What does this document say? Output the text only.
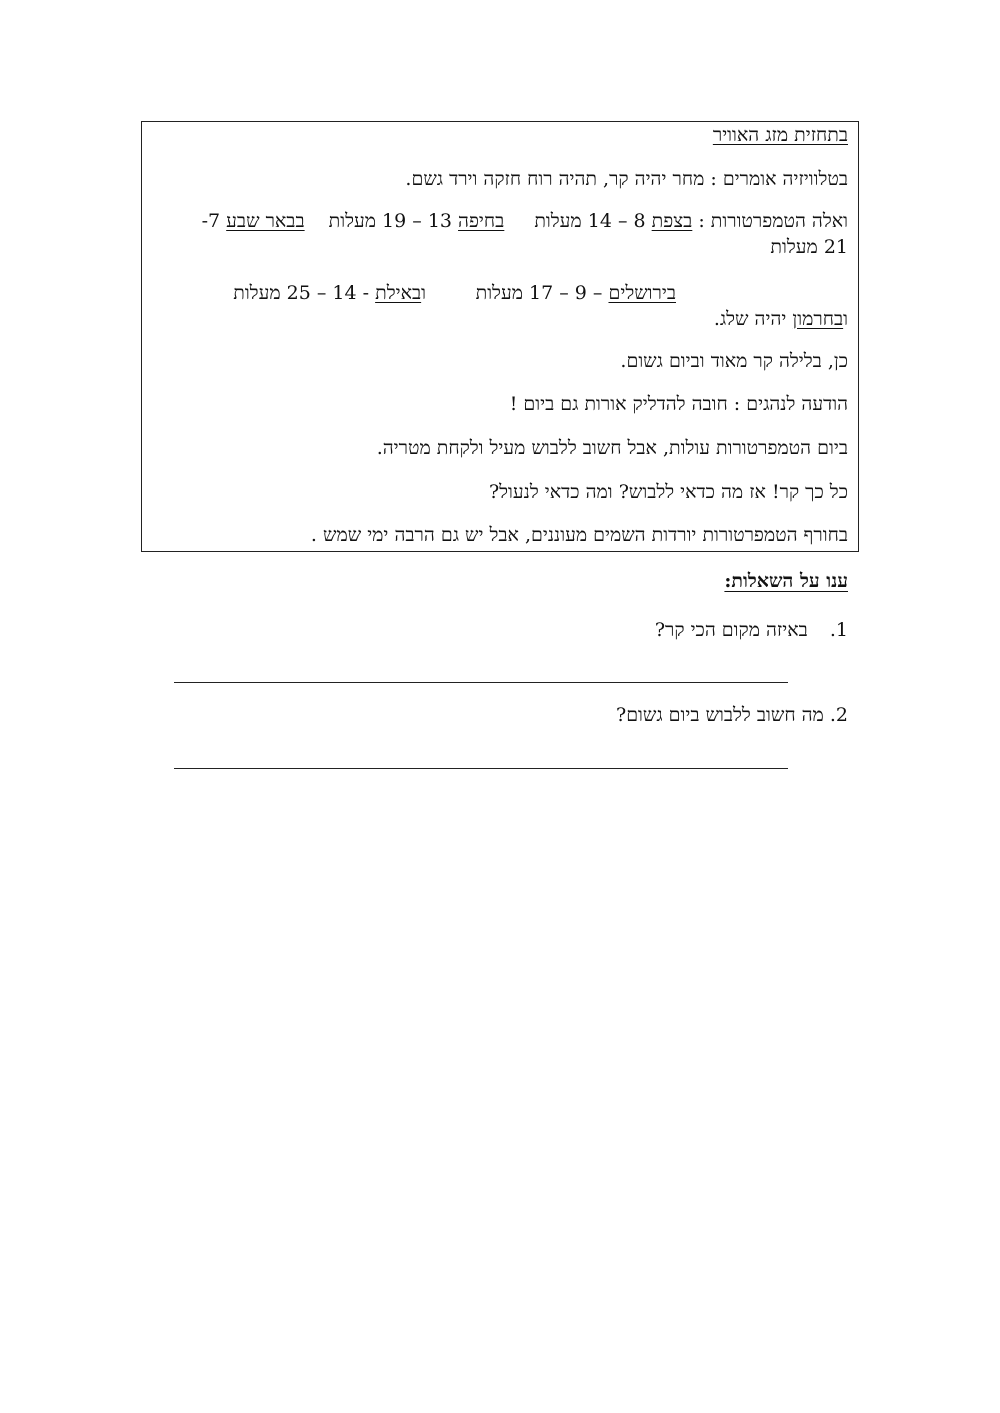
בתחזית מזג האוויר
בטלוויזיה אומרים : מחר יהיה קר, תהיה רוח חזקה וירד גשם.
ואלה הטמפרטורות : בצפת 8 – 14 מעלותבחיפה 13 – 19 מעלותבבאר שבע 7-
21 מעלות
בירושלים – 9 – 17 מעלות
ובאילת - 14 – 25 מעלות
ובחרמון יהיה שלג.
כן, בלילה קר מאוד וביום גשום.
הודעה לנהגים : חובה להדליק אורות גם ביום !
ביום הטמפרטורות עולות, אבל חשוב ללבוש מעיל ולקחת מטריה.
כל כך קר! אז מה כדאי ללבוש? ומה כדאי לנעול?
בחורף הטמפרטורות יורדות השמים מעוננים, אבל יש גם הרבה ימי שמש .
ענו על השאלות:
1.  באיזה מקום הכי קר?
2. מה חשוב ללבוש ביום גשום?
